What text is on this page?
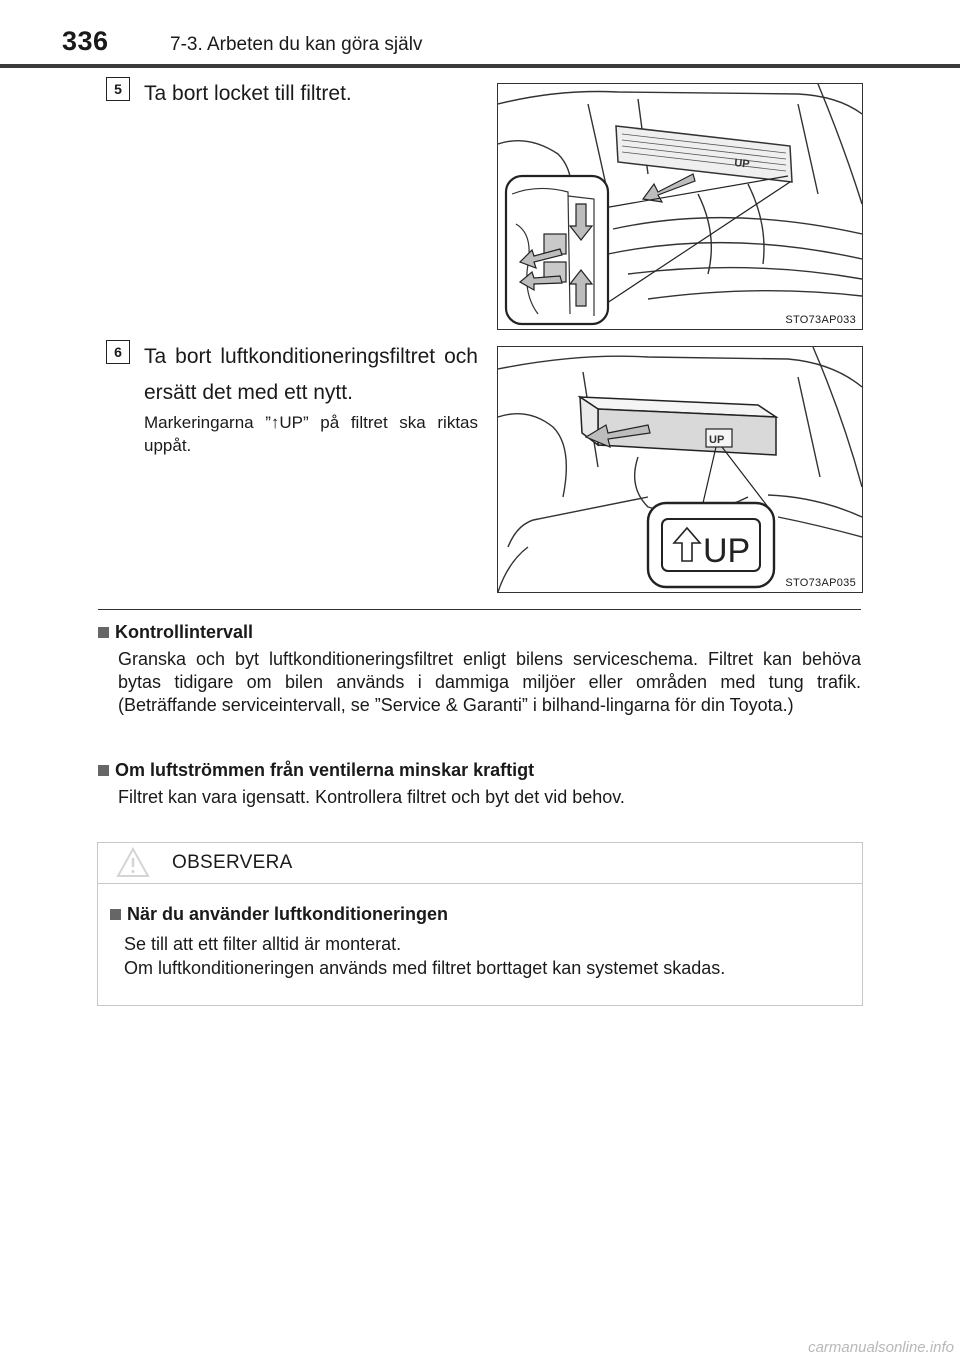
336	7-3. Arbeten du kan göra själv
5	Ta bort locket till filtret.
UP
STO73AP033
6	Ta bort luftkonditioneringsfiltret och ersätt det med ett nytt.
Markeringarna ”↑UP” på filtret ska riktas uppåt.	UP
UP
STO73AP035

Kontrollintervall

Granska och byt luftkonditioneringsfiltret enligt bilens serviceschema. Filtret kan behöva bytas tidigare om bilen används i dammiga miljöer eller områden med tung trafik. (Beträffande serviceintervall, se ”Service & Garanti” i bilhand-lingarna för din Toyota.)

Om luftströmmen från ventilerna minskar kraftigt

Filtret kan vara igensatt. Kontrollera filtret och byt det vid behov.

OBSERVERA
När du använder luftkonditioneringen
Se till att ett filter alltid är monterat.
Om luftkonditioneringen används med filtret borttaget kan systemet skadas.
carmanualsonline.info
